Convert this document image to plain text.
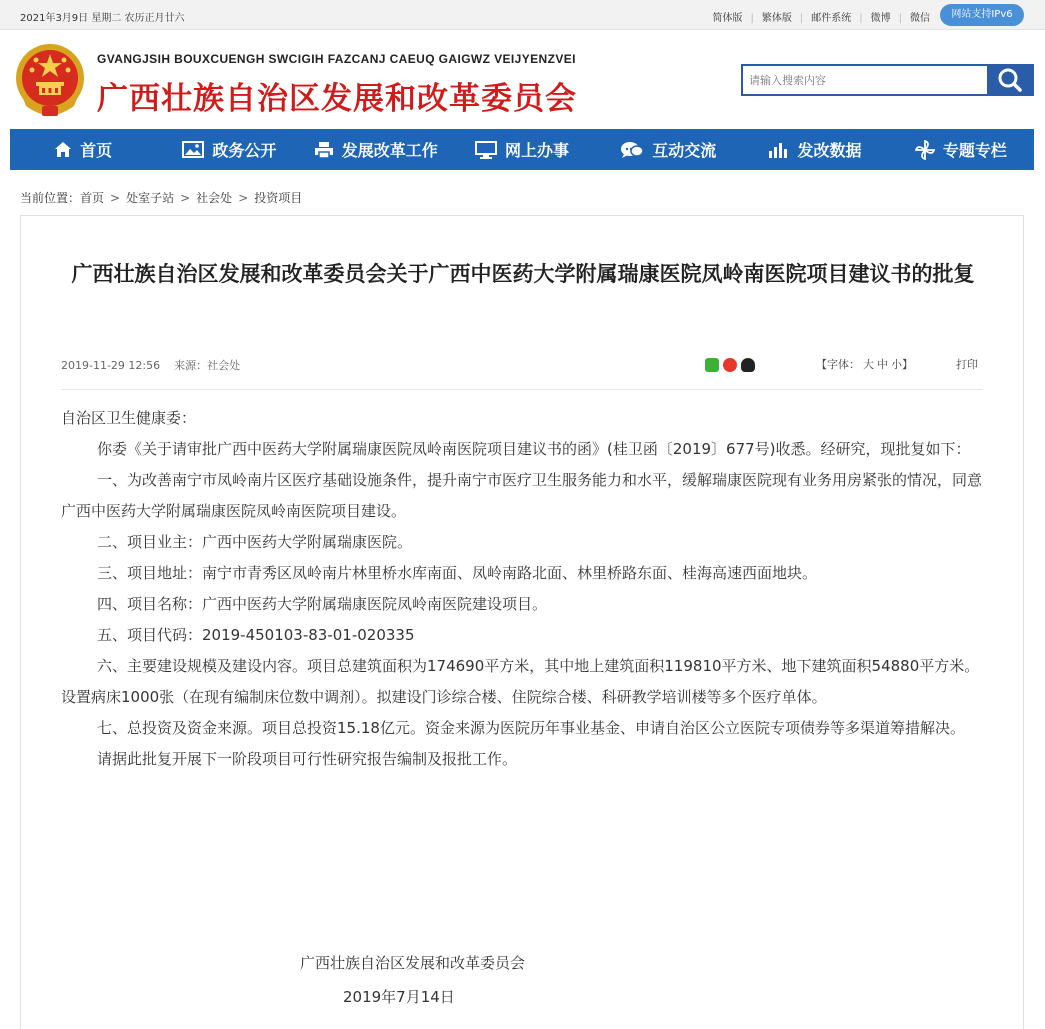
2021年3月9日 星期二 农历正月廿六	简体版 | 繁体版 | 邮件系统 | 微博 | 微信	网站支持IPv6
GVANGJSIH BOUXCUENGH SWCIGIH FAZCANJ CAEUQ GAIGWZ VEIJYENZVEI
广西壮族自治区发展和改革委员会
请输入搜索内容
首页	政务公开	发展改革工作	网上办事	互动交流	发改数据	专题专栏
当前位置：首页 > 处室子站 > 社会处 > 投资项目
广西壮族自治区发展和改革委员会关于广西中医药大学附属瑞康医院凤岭南医院项目建议书的批复
2019-11-29 12:56 来源：社会处	【字体： 大 中 小】	打印

自治区卫生健康委：

你委《关于请审批广西中医药大学附属瑞康医院凤岭南医院项目建议书的函》(桂卫函〔2019〕677号)收悉。经研究，现批复如下：

一、为改善南宁市凤岭南片区医疗基础设施条件，提升南宁市医疗卫生服务能力和水平，缓解瑞康医院现有业务用房紧张的情况，同意广西中医药大学附属瑞康医院凤岭南医院项目建设。

二、项目业主：广西中医药大学附属瑞康医院。

三、项目地址：南宁市青秀区凤岭南片林里桥水库南面、凤岭南路北面、林里桥路东面、桂海高速西面地块。

四、项目名称：广西中医药大学附属瑞康医院凤岭南医院建设项目。

五、项目代码：2019-450103-83-01-020335

六、主要建设规模及建设内容。项目总建筑面积为174690平方米，其中地上建筑面积119810平方米、地下建筑面积54880平方米。设置病床1000张（在现有编制床位数中调剂）。拟建设门诊综合楼、住院综合楼、科研教学培训楼等多个医疗单体。

七、总投资及资金来源。项目总投资15.18亿元。资金来源为医院历年事业基金、申请自治区公立医院专项债券等多渠道筹措解决。

请据此批复开展下一阶段项目可行性研究报告编制及报批工作。

广西壮族自治区发展和改革委员会
2019年7月14日
